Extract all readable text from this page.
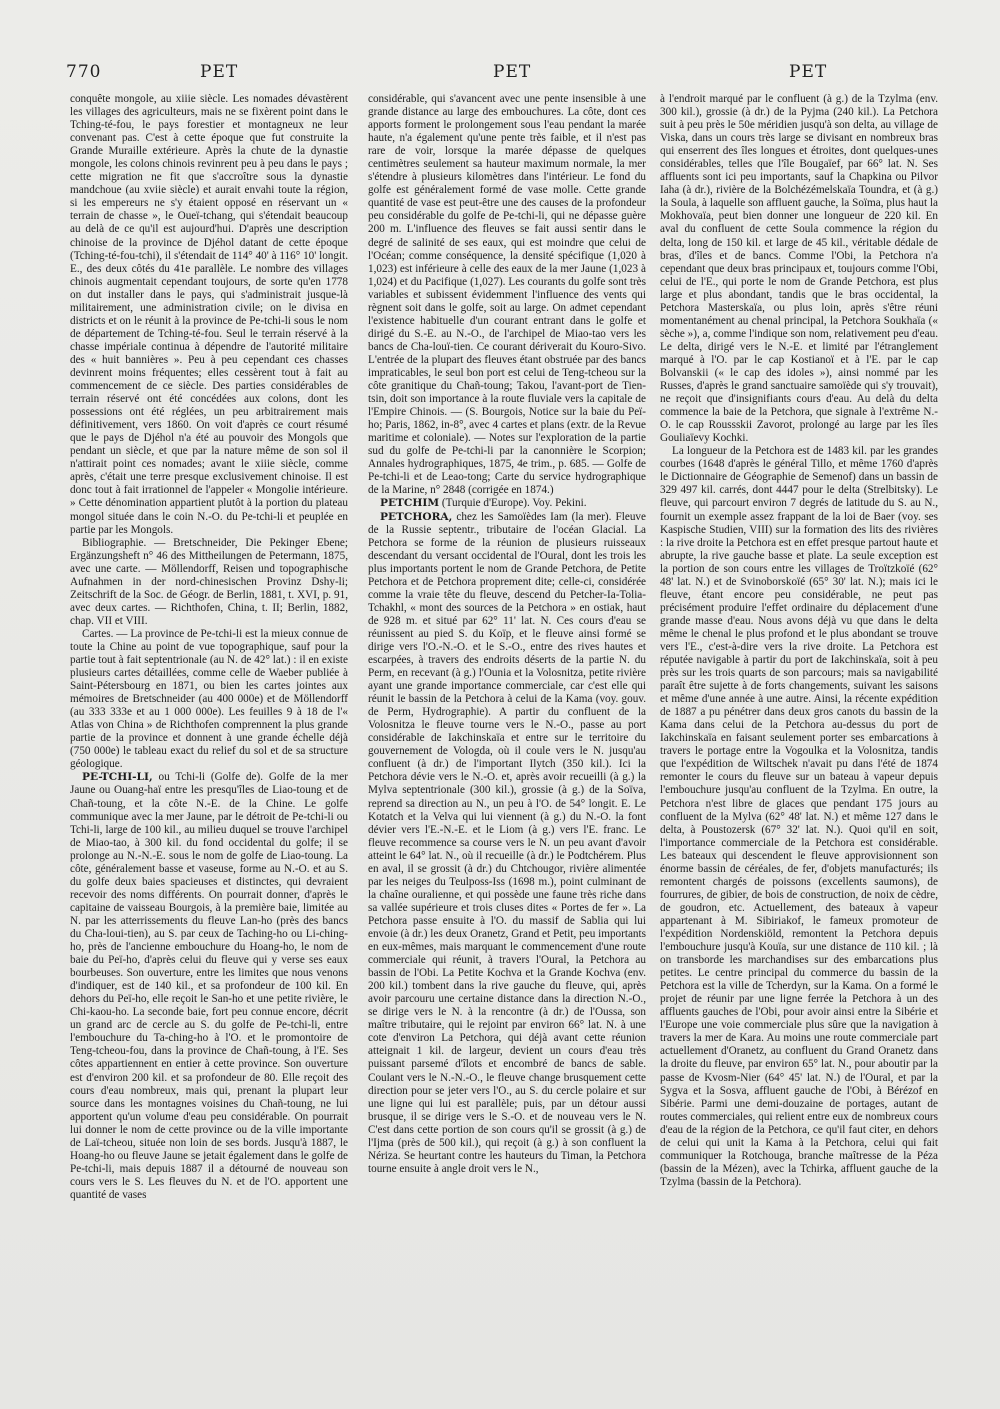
770	PET	PET	PET

conquête mongole, au xiiie siècle. Les nomades dévastèrent les villages des agriculteurs, mais ne se fixèrent point dans le Tching-té-fou, le pays forestier et montagneux ne leur convenant pas. C'est à cette époque que fut construite la Grande Muraille extérieure. Après la chute de la dynastie mongole, les colons chinois revinrent peu à peu dans le pays ; cette migration ne fit que s'accroître sous la dynastie mandchoue (au xviie siècle) et aurait envahi toute la région, si les empereurs ne s'y étaient opposé en réservant un « terrain de chasse », le Oueï-tchang, qui s'étendait beaucoup au delà de ce qu'il est aujourd'hui. D'après une description chinoise de la province de Djéhol datant de cette époque (Tching-té-fou-tchi), il s'étendait de 114° 40' à 116° 10' longit. E., des deux côtés du 41e parallèle. Le nombre des villages chinois augmentait cependant toujours, de sorte qu'en 1778 on dut installer dans le pays, qui s'administrait jusque-là militairement, une administration civile; on le divisa en districts et on le réunit à la province de Pe-tchi-li sous le nom de département de Tching-té-fou. Seul le terrain réservé à la chasse impériale continua à dépendre de l'autorité militaire des « huit bannières ». Peu à peu cependant ces chasses devinrent moins fréquentes; elles cessèrent tout à fait au commencement de ce siècle. Des parties considérables de terrain réservé ont été concédées aux colons, dont les possessions ont été réglées, un peu arbitrairement mais définitivement, vers 1860. On voit d'après ce court résumé que le pays de Djéhol n'a été au pouvoir des Mongols que pendant un siècle, et que par la nature même de son sol il n'attirait point ces nomades; avant le xiiie siècle, comme après, c'était une terre presque exclusivement chinoise. Il est donc tout à fait irrationnel de l'appeler « Mongolie intérieure. » Cette dénomination appartient plutôt à la portion du plateau mongol située dans le coin N.-O. du Pe-tchi-li et peuplée en partie par les Mongols.

Bibliographie. — Bretschneider, Die Pekinger Ebene; Ergänzungsheft n° 46 des Mittheilungen de Petermann, 1875, avec une carte. — Möllendorff, Reisen und topographische Aufnahmen in der nord-chinesischen Provinz Dshy-li; Zeitschrift de la Soc. de Géogr. de Berlin, 1881, t. XVI, p. 91, avec deux cartes. — Richthofen, China, t. II; Berlin, 1882, chap. VII et VIII.

Cartes. — La province de Pe-tchi-li est la mieux connue de toute la Chine au point de vue topographique, sauf pour la partie tout à fait septentrionale (au N. de 42° lat.) : il en existe plusieurs cartes détaillées, comme celle de Waeber publiée à Saint-Pétersbourg en 1871, ou bien les cartes jointes aux mémoires de Bretschneider (au 400 000e) et de Möllendorff (au 333 333e et au 1 000 000e). Les feuilles 9 à 18 de l'« Atlas von China » de Richthofen comprennent la plus grande partie de la province et donnent à une grande échelle déjà (750 000e) le tableau exact du relief du sol et de sa structure géologique.

PE-TCHI-LI, ou Tchi-li (Golfe de). Golfe de la mer Jaune ou Ouang-haï entre les presqu'îles de Liao-toung et de Chañ-toung, et la côte N.-E. de la Chine. Le golfe communique avec la mer Jaune, par le détroit de Pe-tchi-li ou Tchi-li, large de 100 kil., au milieu duquel se trouve l'archipel de Miao-tao, à 300 kil. du fond occidental du golfe; il se prolonge au N.-N.-E. sous le nom de golfe de Liao-toung. La côte, généralement basse et vaseuse, forme au N.-O. et au S. du golfe deux baies spacieuses et distinctes, qui devraient recevoir des noms différents. On pourrait donner, d'après le capitaine de vaisseau Bourgois, à la première baie, limitée au N. par les atterrissements du fleuve Lan-ho (près des bancs du Cha-loui-tien), au S. par ceux de Taching-ho ou Li-ching-ho, près de l'ancienne embouchure du Hoang-ho, le nom de baie du Peï-ho, d'après celui du fleuve qui y verse ses eaux bourbeuses. Son ouverture, entre les limites que nous venons d'indiquer, est de 140 kil., et sa profondeur de 100 kil. En dehors du Peï-ho, elle reçoit le San-ho et une petite rivière, le Chi-kaou-ho. La seconde baie, fort peu connue encore, décrit un grand arc de cercle au S. du golfe de Pe-tchi-li, entre l'embouchure du Ta-ching-ho à l'O. et le promontoire de Teng-tcheou-fou, dans la province de Chañ-toung, à l'E. Ses côtes appartiennent en entier à cette province. Son ouverture est d'environ 200 kil. et sa profondeur de 80. Elle reçoit des cours d'eau nombreux, mais qui, prenant la plupart leur source dans les montagnes voisines du Chañ-toung, ne lui apportent qu'un volume d'eau peu considérable. On pourrait lui donner le nom de cette province ou de la ville importante de Laï-tcheou, située non loin de ses bords. Jusqu'à 1887, le Hoang-ho ou fleuve Jaune se jetait également dans le golfe de Pe-tchi-li, mais depuis 1887 il a détourné de nouveau son cours vers le S. Les fleuves du N. et de l'O. apportent une quantité de vases

considérable, qui s'avancent avec une pente insensible à une grande distance au large des embouchures. La côte, dont ces apports forment le prolongement sous l'eau pendant la marée haute, n'a également qu'une pente très faible, et il n'est pas rare de voir, lorsque la marée dépasse de quelques centimètres seulement sa hauteur maximum normale, la mer s'étendre à plusieurs kilomètres dans l'intérieur. Le fond du golfe est généralement formé de vase molle. Cette grande quantité de vase est peut-être une des causes de la profondeur peu considérable du golfe de Pe-tchi-li, qui ne dépasse guère 200 m. L'influence des fleuves se fait aussi sentir dans le degré de salinité de ses eaux, qui est moindre que celui de l'Océan; comme conséquence, la densité spécifique (1,020 à 1,023) est inférieure à celle des eaux de la mer Jaune (1,023 à 1,024) et du Pacifique (1,027). Les courants du golfe sont très variables et subissent évidemment l'influence des vents qui règnent soit dans le golfe, soit au large. On admet cependant l'existence habituelle d'un courant entrant dans le golfe et dirigé du S.-E. au N.-O., de l'archipel de Miao-tao vers les bancs de Cha-louï-tien. Ce courant dériverait du Kouro-Sivo. L'entrée de la plupart des fleuves étant obstruée par des bancs impraticables, le seul bon port est celui de Teng-tcheou sur la côte granitique du Chañ-toung; Takou, l'avant-port de Tien-tsin, doit son importance à la route fluviale vers la capitale de l'Empire Chinois. — (S. Bourgois, Notice sur la baie du Peï-ho; Paris, 1862, in-8°, avec 4 cartes et plans (extr. de la Revue maritime et coloniale). — Notes sur l'exploration de la partie sud du golfe de Pe-tchi-li par la canonnière le Scorpion; Annales hydrographiques, 1875, 4e trim., p. 685. — Golfe de Pe-tchi-li et de Leao-tong; Carte du service hydrographique de la Marine, n° 2848 (corrigée en 1874.)

PETCHIM (Turquie d'Europe). Voy. Pekini.

PETCHORA, chez les Samoïèdes Iam (la mer). Fleuve de la Russie septentr., tributaire de l'océan Glacial. La Petchora se forme de la réunion de plusieurs ruisseaux descendant du versant occidental de l'Oural, dont les trois les plus importants portent le nom de Grande Petchora, de Petite Petchora et de Petchora proprement dite; celle-ci, considérée comme la vraie tête du fleuve, descend du Petcher-Ia-Tolia-Tchakhl, « mont des sources de la Petchora » en ostiak, haut de 928 m. et situé par 62° 11' lat. N. Ces cours d'eau se réunissent au pied S. du Koïp, et le fleuve ainsi formé se dirige vers l'O.-N.-O. et le S.-O., entre des rives hautes et escarpées, à travers des endroits déserts de la partie N. du Perm, en recevant (à g.) l'Ounia et la Volosnitza, petite rivière ayant une grande importance commerciale, car c'est elle qui réunit le bassin de la Petchora à celui de la Kama (voy. gouv. de Perm, Hydrographie). A partir du confluent de la Volosnitza le fleuve tourne vers le N.-O., passe au port considérable de Iakchinskaïa et entre sur le territoire du gouvernement de Vologda, où il coule vers le N. jusqu'au confluent (à dr.) de l'important Ilytch (350 kil.). Ici la Petchora dévie vers le N.-O. et, après avoir recueilli (à g.) la Mylva septentrionale (300 kil.), grossie (à g.) de la Soïva, reprend sa direction au N., un peu à l'O. de 54° longit. E. Le Kotatch et la Velva qui lui viennent (à g.) du N.-O. la font dévier vers l'E.-N.-E. et le Liom (à g.) vers l'E. franc. Le fleuve recommence sa course vers le N. un peu avant d'avoir atteint le 64° lat. N., où il recueille (à dr.) le Podtchérem. Plus en aval, il se grossit (à dr.) du Chtchougor, rivière alimentée par les neiges du Teulposs-Iss (1698 m.), point culminant de la chaîne ouralienne, et qui possède une faune très riche dans sa vallée supérieure et trois cluses dites « Portes de fer ». La Petchora passe ensuite à l'O. du massif de Sablia qui lui envoie (à dr.) les deux Oranetz, Grand et Petit, peu importants en eux-mêmes, mais marquant le commencement d'une route commerciale qui réunit, à travers l'Oural, la Petchora au bassin de l'Obi. La Petite Kochva et la Grande Kochva (env. 200 kil.) tombent dans la rive gauche du fleuve, qui, après avoir parcouru une certaine distance dans la direction N.-O., se dirige vers le N. à la rencontre (à dr.) de l'Oussa, son maître tributaire, qui le rejoint par environ 66° lat. N. à une cote d'environ La Petchora, qui déjà avant cette réunion atteignait 1 kil. de largeur, devient un cours d'eau très puissant parsemé d'îlots et encombré de bancs de sable. Coulant vers le N.-N.-O., le fleuve change brusquement cette direction pour se jeter vers l'O., au S. du cercle polaire et sur une ligne qui lui est parallèle; puis, par un détour aussi brusque, il se dirige vers le S.-O. et de nouveau vers le N. C'est dans cette portion de son cours qu'il se grossit (à g.) de l'Ijma (près de 500 kil.), qui reçoit (à g.) à son confluent la Nériza. Se heurtant contre les hauteurs du Timan, la Petchora tourne ensuite à angle droit vers le N.,

à l'endroit marqué par le confluent (à g.) de la Tzylma (env. 300 kil.), grossie (à dr.) de la Pyjma (240 kil.). La Petchora suit à peu près le 50e méridien jusqu'à son delta, au village de Viska, dans un cours très large se divisant en nombreux bras qui enserrent des îles longues et étroites, dont quelques-unes considérables, telles que l'île Bougaïef, par 66° lat. N. Ses affluents sont ici peu importants, sauf la Chapkina ou Pilvor Iaha (à dr.), rivière de la Bolchézémelskaïa Toundra, et (à g.) la Soula, à laquelle son affluent gauche, la Soïma, plus haut la Mokhovaïa, peut bien donner une longueur de 220 kil. En aval du confluent de cette Soula commence la région du delta, long de 150 kil. et large de 45 kil., véritable dédale de bras, d'îles et de bancs. Comme l'Obi, la Petchora n'a cependant que deux bras principaux et, toujours comme l'Obi, celui de l'E., qui porte le nom de Grande Petchora, est plus large et plus abondant, tandis que le bras occidental, la Petchora Masterskaïa, ou plus loin, après s'être réuni momentanément au chenal principal, la Petchora Soukhaïa (« sèche »), a, comme l'indique son nom, relativement peu d'eau. Le delta, dirigé vers le N.-E. et limité par l'étranglement marqué à l'O. par le cap Kostianoï et à l'E. par le cap Bolvanskii (« le cap des idoles »), ainsi nommé par les Russes, d'après le grand sanctuaire samoïède qui s'y trouvait), ne reçoit que d'insignifiants cours d'eau. Au delà du delta commence la baie de la Petchora, que signale à l'extrême N.-O. le cap Roussskii Zavorot, prolongé au large par les îles Gouliaïevy Kochki.

La longueur de la Petchora est de 1483 kil. par les grandes courbes (1648 d'après le général Tillo, et même 1760 d'après le Dictionnaire de Géographie de Semenof) dans un bassin de 329 497 kil. carrés, dont 4447 pour le delta (Strelbitsky). Le fleuve, qui parcourt environ 7 degrés de latitude du S. au N., fournit un exemple assez frappant de la loi de Baer (voy. ses Kaspische Studien, VIII) sur la formation des lits des rivières : la rive droite la Petchora est en effet presque partout haute et abrupte, la rive gauche basse et plate. La seule exception est la portion de son cours entre les villages de Troïtzkoïé (62° 48' lat. N.) et de Svinoborskoïé (65° 30' lat. N.); mais ici le fleuve, étant encore peu considérable, ne peut pas précisément produire l'effet ordinaire du déplacement d'une grande masse d'eau. Nous avons déjà vu que dans le delta même le chenal le plus profond et le plus abondant se trouve vers l'E., c'est-à-dire vers la rive droite. La Petchora est réputée navigable à partir du port de Iakchinskaïa, soit à peu près sur les trois quarts de son parcours; mais sa navigabilité paraît être sujette à de forts changements, suivant les saisons et même d'une année à une autre. Ainsi, la récente expédition de 1887 a pu pénétrer dans deux gros canots du bassin de la Kama dans celui de la Petchora au-dessus du port de Iakchinskaïa en faisant seulement porter ses embarcations à travers le portage entre la Vogoulka et la Volosnitza, tandis que l'expédition de Wiltschek n'avait pu dans l'été de 1874 remonter le cours du fleuve sur un bateau à vapeur depuis l'embouchure jusqu'au confluent de la Tzylma. En outre, la Petchora n'est libre de glaces que pendant 175 jours au confluent de la Mylva (62° 48' lat. N.) et même 127 dans le delta, à Poustozersk (67° 32' lat. N.). Quoi qu'il en soit, l'importance commerciale de la Petchora est considérable. Les bateaux qui descendent le fleuve approvisionnent son énorme bassin de céréales, de fer, d'objets manufacturés; ils remontent chargés de poissons (excellents saumons), de fourrures, de gibier, de bois de construction, de noix de cèdre, de goudron, etc. Actuellement, des bateaux à vapeur appartenant à M. Sibiriakof, le fameux promoteur de l'expédition Nordenskiöld, remontent la Petchora depuis l'embouchure jusqu'à Kouïa, sur une distance de 110 kil. ; là on transborde les marchandises sur des embarcations plus petites. Le centre principal du commerce du bassin de la Petchora est la ville de Tcherdyn, sur la Kama. On a formé le projet de réunir par une ligne ferrée la Petchora à un des affluents gauches de l'Obi, pour avoir ainsi entre la Sibérie et l'Europe une voie commerciale plus sûre que la navigation à travers la mer de Kara. Au moins une route commerciale part actuellement d'Oranetz, au confluent du Grand Oranetz dans la droite du fleuve, par environ 65° lat. N., pour aboutir par la passe de Kvosm-Nier (64° 45' lat. N.) de l'Oural, et par la Sygva et la Sosva, affluent gauche de l'Obi, à Bérézof en Sibérie. Parmi une demi-douzaine de portages, autant de routes commerciales, qui relient entre eux de nombreux cours d'eau de la région de la Petchora, ce qu'il faut citer, en dehors de celui qui unit la Kama à la Petchora, celui qui fait communiquer la Rotchouga, branche maîtresse de la Péza (bassin de la Mézen), avec la Tchirka, affluent gauche de la Tzylma (bassin de la Petchora).
